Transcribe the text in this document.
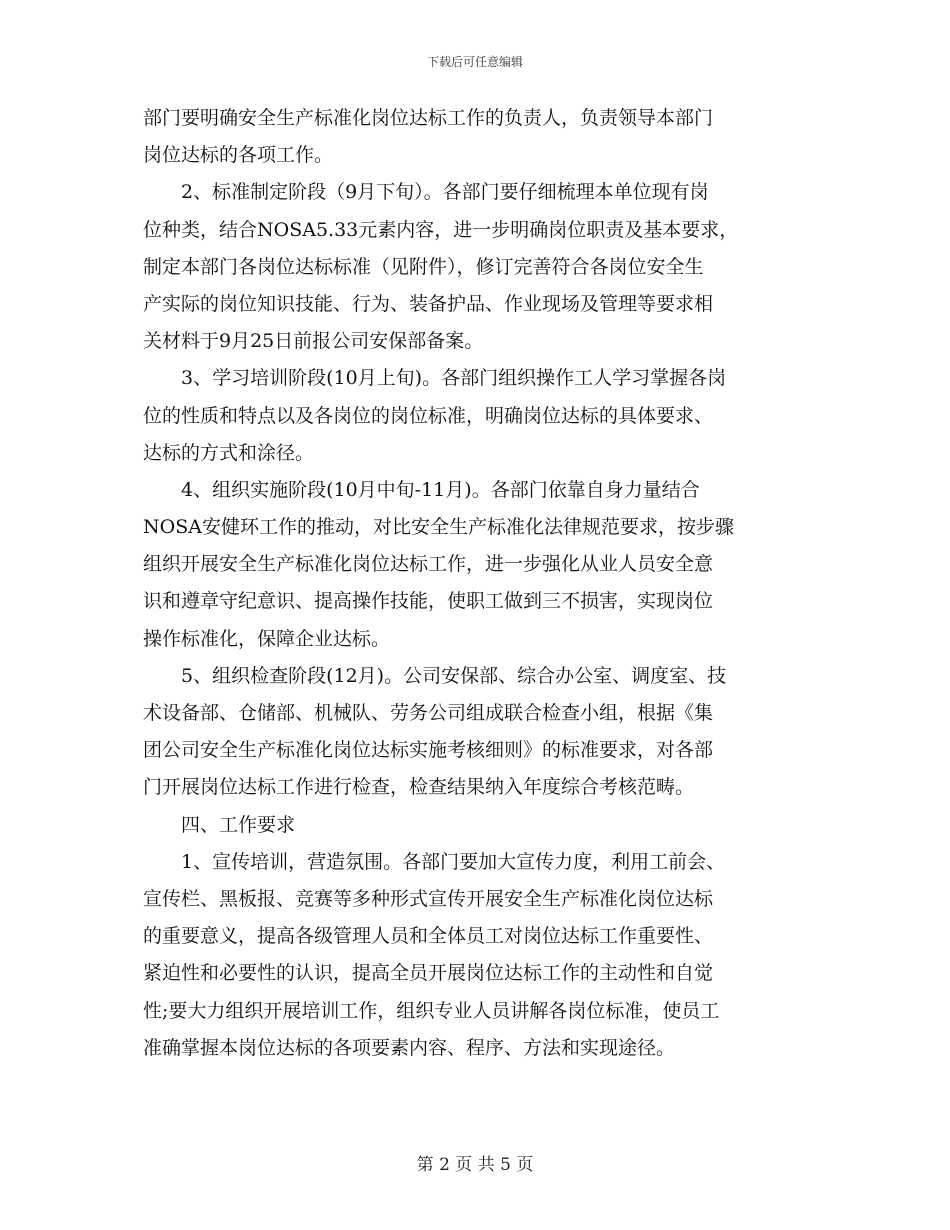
下载后可任意编辑
部门要明确安全生产标准化岗位达标工作的负责人，负责领导本部门
岗位达标的各项工作。
2、标准制定阶段（9月下旬）。各部门要仔细梳理本单位现有岗
位种类，结合NOSA5.33元素内容，进一步明确岗位职责及基本要求，
制定本部门各岗位达标标准（见附件），修订完善符合各岗位安全生
产实际的岗位知识技能、行为、装备护品、作业现场及管理等要求相
关材料于9月25日前报公司安保部备案。
3、学习培训阶段(10月上旬)。各部门组织操作工人学习掌握各岗
位的性质和特点以及各岗位的岗位标准，明确岗位达标的具体要求、
达标的方式和涂径。
4、组织实施阶段(10月中旬-11月)。各部门依靠自身力量结合
NOSA安健环工作的推动，对比安全生产标准化法律规范要求，按步骤
组织开展安全生产标准化岗位达标工作，进一步强化从业人员安全意
识和遵章守纪意识、提高操作技能，使职工做到三不损害，实现岗位
操作标准化，保障企业达标。
5、组织检查阶段(12月)。公司安保部、综合办公室、调度室、技
术设备部、仓储部、机械队、劳务公司组成联合检查小组，根据《集
团公司安全生产标准化岗位达标实施考核细则》的标准要求，对各部
门开展岗位达标工作进行检查，检查结果纳入年度综合考核范畴。
四、工作要求
1、宣传培训，营造氛围。各部门要加大宣传力度，利用工前会、
宣传栏、黑板报、竞赛等多种形式宣传开展安全生产标准化岗位达标
的重要意义，提高各级管理人员和全体员工对岗位达标工作重要性、
紧迫性和必要性的认识，提高全员开展岗位达标工作的主动性和自觉
性;要大力组织开展培训工作，组织专业人员讲解各岗位标准，使员工
准确掌握本岗位达标的各项要素内容、程序、方法和实现途径。
第 2 页 共 5 页
